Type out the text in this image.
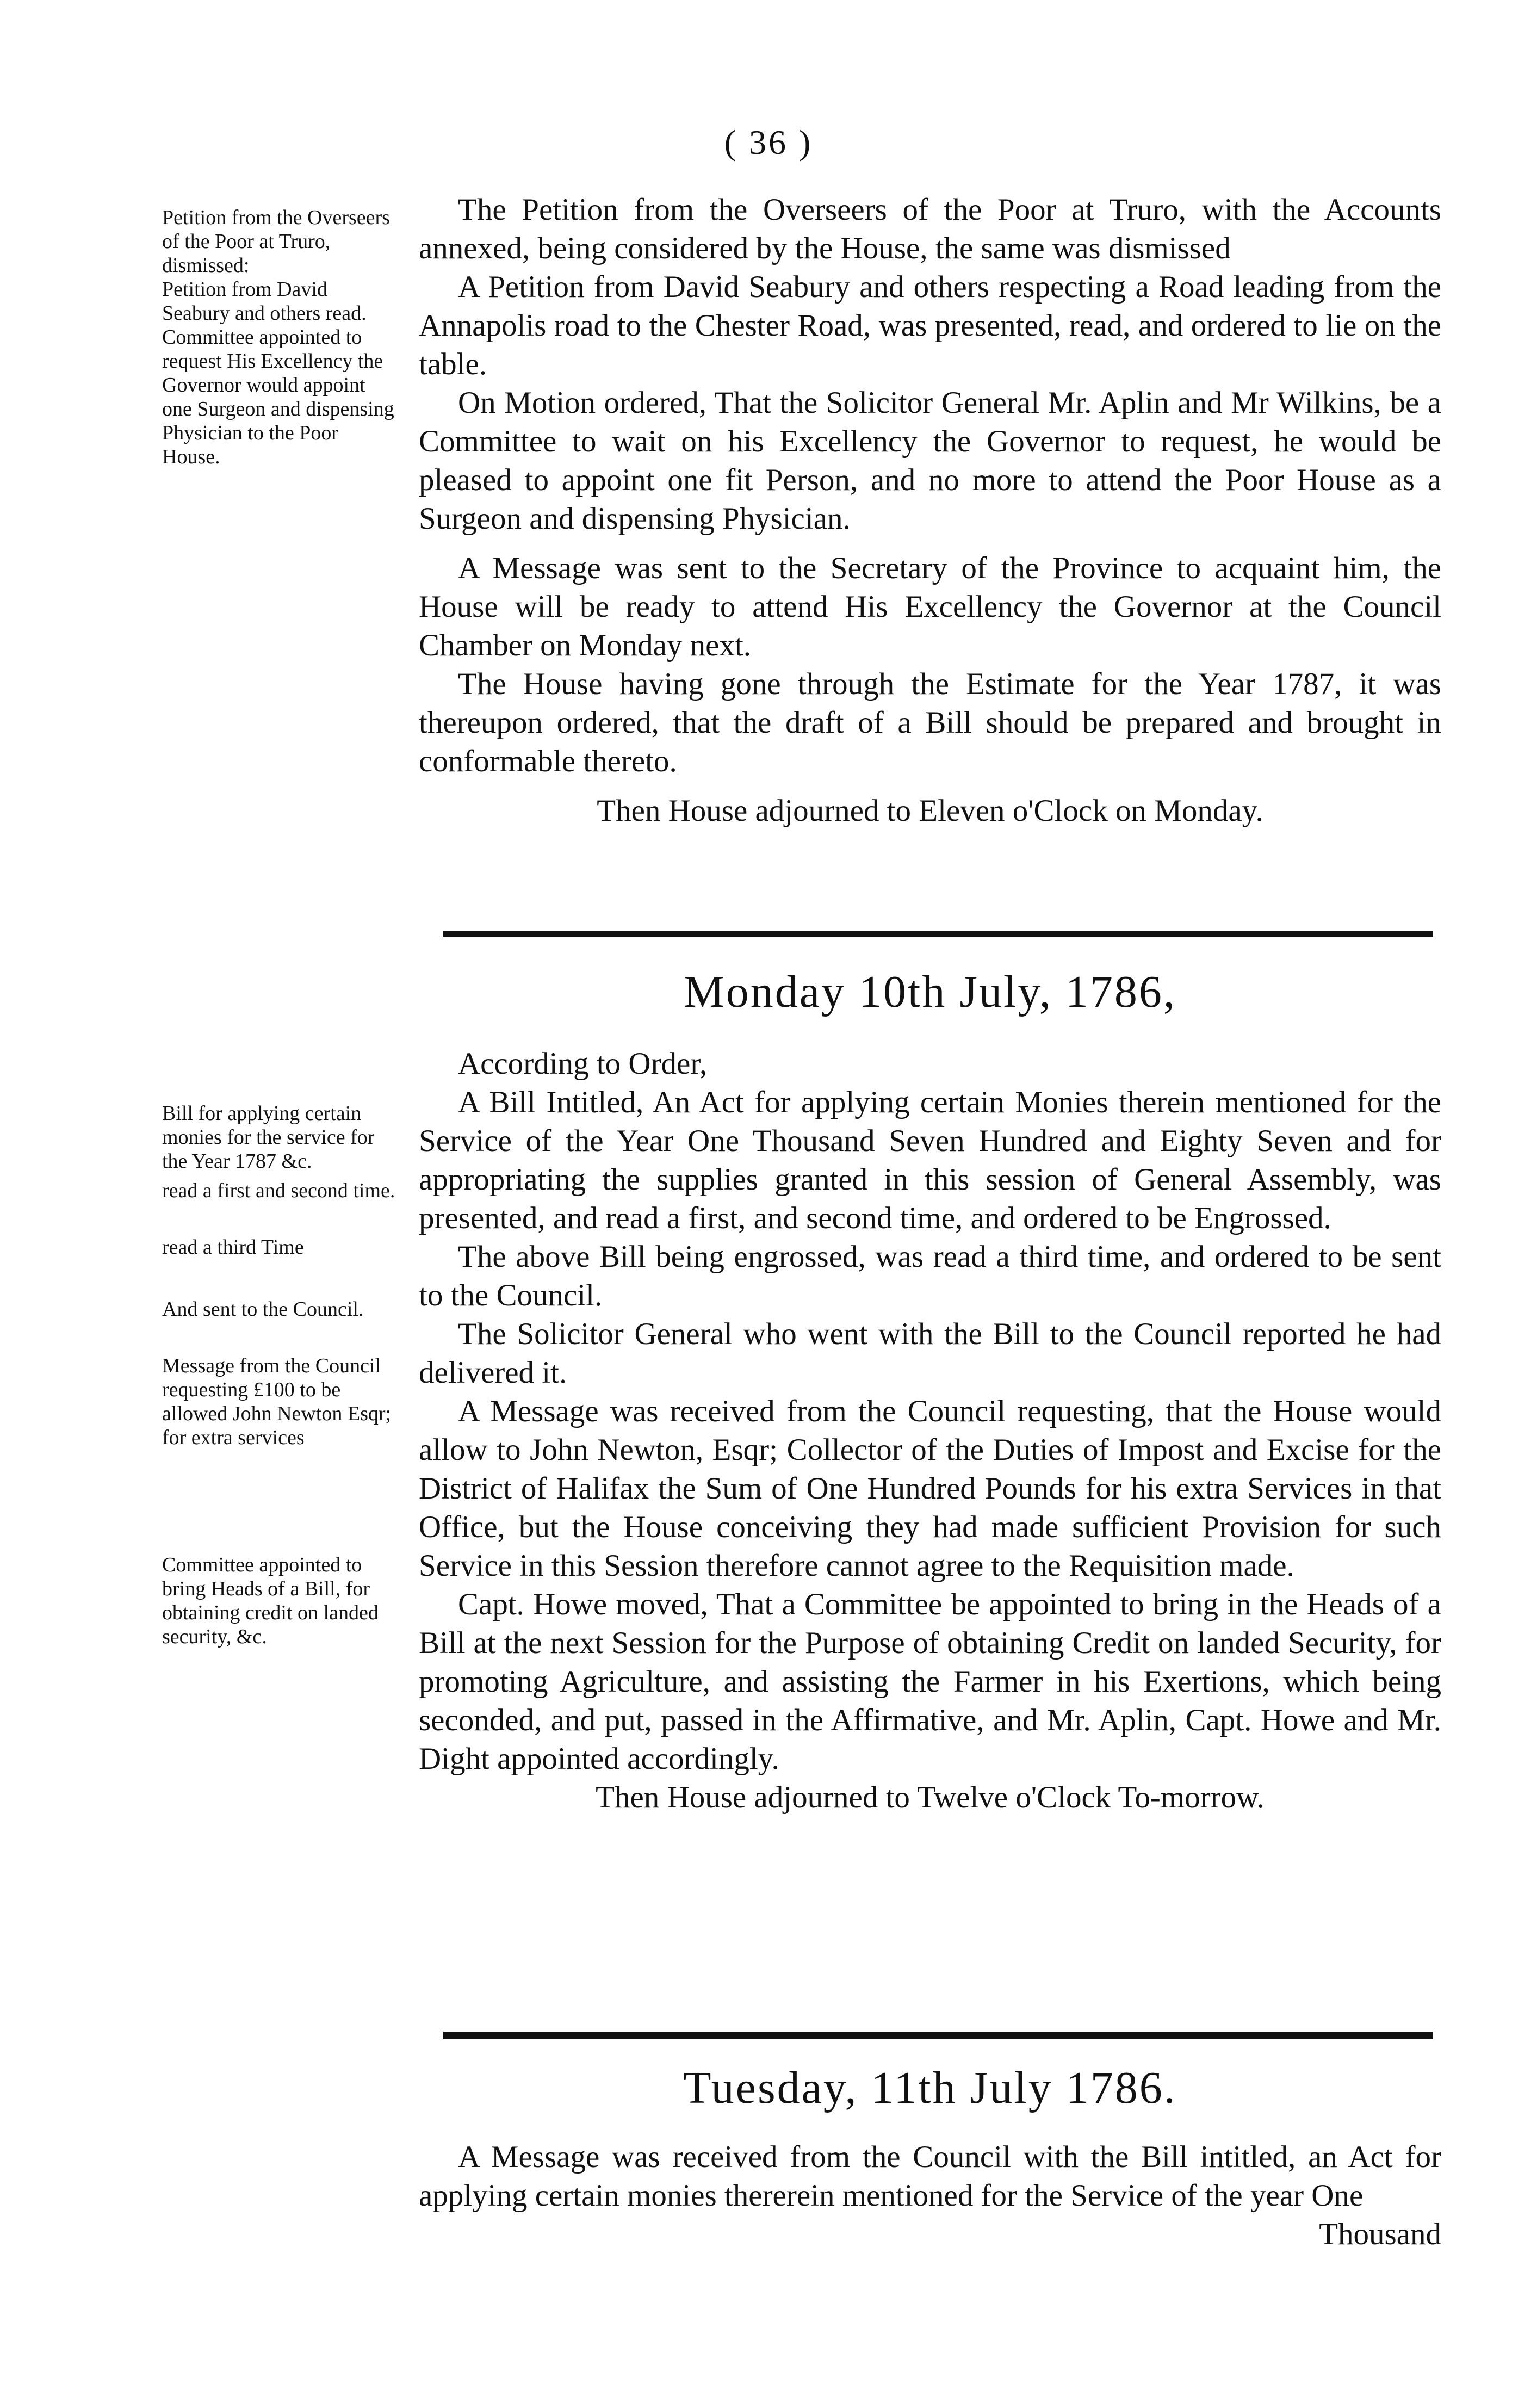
( 36 )

Petition from the Overseers of the Poor at Truro, dismissed:

Petition from David Seabury and others read.

Committee appointed to request His Excellency the Governor would appoint one Surgeon and dispensing Physician to the Poor House.

The Petition from the Overseers of the Poor at Truro, with the Accounts annexed, being considered by the House, the same was dismissed

A Petition from David Seabury and others respecting a Road leading from the Annapolis road to the Chester Road, was presented, read, and ordered to lie on the table.

On Motion ordered, That the Solicitor General Mr. Aplin and Mr Wilkins, be a Committee to wait on his Excellency the Governor to request, he would be pleased to appoint one fit Person, and no more to attend the Poor House as a Surgeon and dispensing Physician.

A Message was sent to the Secretary of the Province to acquaint him, the House will be ready to attend His Excellency the Governor at the Council Chamber on Monday next.

The House having gone through the Estimate for the Year 1787, it was thereupon ordered, that the draft of a Bill should be prepared and brought in conformable thereto.

Then House adjourned to Eleven o'Clock on Monday.

Monday 10th July, 1786,

Bill for applying certain monies for the service for the Year 1787 &c.

read a first and second time.

read a third Time

And sent to the Council.

Message from the Council requesting £100 to be allowed John Newton Esqr; for extra services

Committee appointed to bring Heads of a Bill, for obtaining credit on landed security, &c.

According to Order,

A Bill Intitled, An Act for applying certain Monies therein mentioned for the Service of the Year One Thousand Seven Hundred and Eighty Seven and for appropriating the supplies granted in this session of General Assembly, was presented, and read a first, and second time, and ordered to be Engrossed.

The above Bill being engrossed, was read a third time, and ordered to be sent to the Council.

The Solicitor General who went with the Bill to the Council reported he had delivered it.

A Message was received from the Council requesting, that the House would allow to John Newton, Esqr; Collector of the Duties of Impost and Excise for the District of Halifax the Sum of One Hundred Pounds for his extra Services in that Office, but the House conceiving they had made sufficient Provision for such Service in this Session therefore cannot agree to the Requisition made.

Capt. Howe moved, That a Committee be appointed to bring in the Heads of a Bill at the next Session for the Purpose of obtaining Credit on landed Security, for promoting Agriculture, and assisting the Farmer in his Exertions, which being seconded, and put, passed in the Affirmative, and Mr. Aplin, Capt. Howe and Mr. Dight appointed accordingly.

Then House adjourned to Twelve o'Clock To-morrow.

Tuesday, 11th July 1786.

A Message was received from the Council with the Bill intitled, an Act for applying certain monies thererein mentioned for the Service of the year One

Thousand
